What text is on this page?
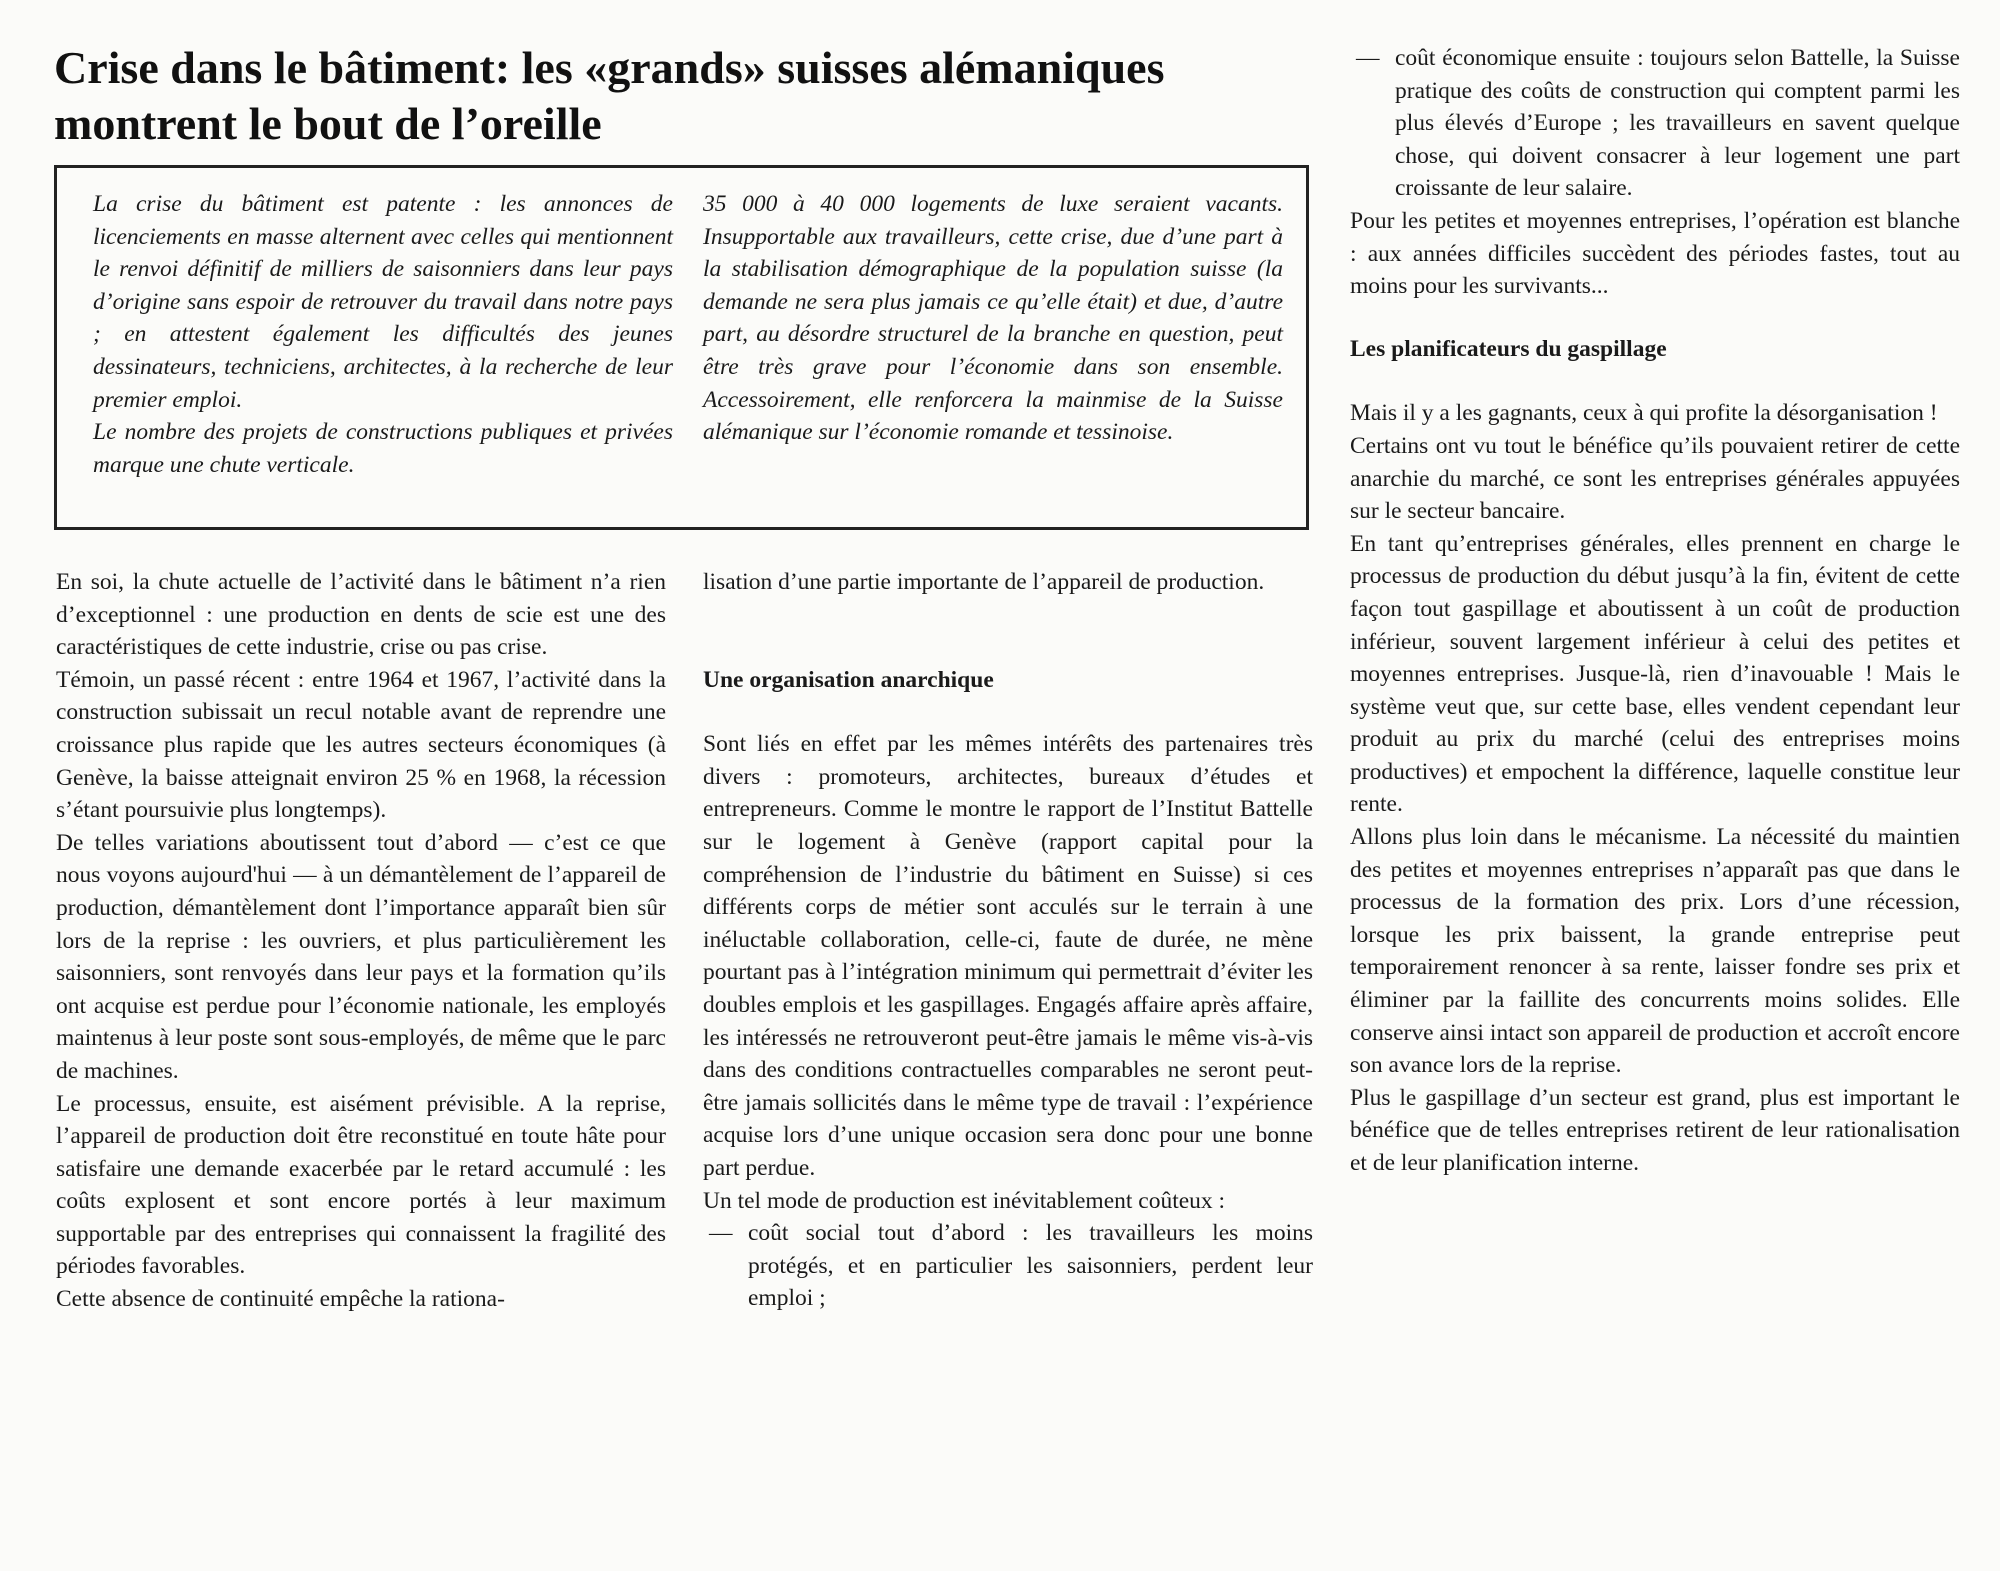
Crise dans le bâtiment: les «grands» suisses alémaniques montrent le bout de l’oreille

La crise du bâtiment est patente : les annonces de licenciements en masse alternent avec celles qui mentionnent le renvoi définitif de milliers de saisonniers dans leur pays d’origine sans espoir de retrouver du travail dans notre pays ; en attestent également les difficultés des jeunes dessinateurs, techniciens, architectes, à la recherche de leur premier emploi.

Le nombre des projets de constructions publiques et privées marque une chute verticale.

35 000 à 40 000 logements de luxe seraient vacants. Insupportable aux travailleurs, cette crise, due d’une part à la stabilisation démographique de la population suisse (la demande ne sera plus jamais ce qu’elle était) et due, d’autre part, au désordre structurel de la branche en question, peut être très grave pour l’économie dans son ensemble. Accessoirement, elle renforcera la mainmise de la Suisse alémanique sur l’économie romande et tessinoise.

En soi, la chute actuelle de l’activité dans le bâtiment n’a rien d’exceptionnel : une production en dents de scie est une des caractéristiques de cette industrie, crise ou pas crise.

Témoin, un passé récent : entre 1964 et 1967, l’activité dans la construction subissait un recul notable avant de reprendre une croissance plus rapide que les autres secteurs économiques (à Genève, la baisse atteignait environ 25 % en 1968, la récession s’étant poursuivie plus longtemps).

De telles variations aboutissent tout d’abord — c’est ce que nous voyons aujourd'hui — à un démantèlement de l’appareil de production, démantèlement dont l’importance apparaît bien sûr lors de la reprise : les ouvriers, et plus particulièrement les saisonniers, sont renvoyés dans leur pays et la formation qu’ils ont acquise est perdue pour l’économie nationale, les employés maintenus à leur poste sont sous-employés, de même que le parc de machines.

Le processus, ensuite, est aisément prévisible. A la reprise, l’appareil de production doit être reconstitué en toute hâte pour satisfaire une demande exacerbée par le retard accumulé : les coûts explosent et sont encore portés à leur maximum supportable par des entreprises qui connaissent la fragilité des périodes favorables.

Cette absence de continuité empêche la rationa-

lisation d’une partie importante de l’appareil de production.

Une organisation anarchique

Sont liés en effet par les mêmes intérêts des partenaires très divers : promoteurs, architectes, bureaux d’études et entrepreneurs. Comme le montre le rapport de l’Institut Battelle sur le logement à Genève (rapport capital pour la compréhension de l’industrie du bâtiment en Suisse) si ces différents corps de métier sont acculés sur le terrain à une inéluctable collaboration, celle-ci, faute de durée, ne mène pourtant pas à l’intégration minimum qui permettrait d’éviter les doubles emplois et les gaspillages. Engagés affaire après affaire, les intéressés ne retrouveront peut-être jamais le même vis-à-vis dans des conditions contractuelles comparables ne seront peut-être jamais sollicités dans le même type de travail : l’expérience acquise lors d’une unique occasion sera donc pour une bonne part perdue.

Un tel mode de production est inévitablement coûteux :

— coût social tout d’abord : les travailleurs les moins protégés, et en particulier les saisonniers, perdent leur emploi ;

— coût économique ensuite : toujours selon Battelle, la Suisse pratique des coûts de construction qui comptent parmi les plus élevés d’Europe ; les travailleurs en savent quelque chose, qui doivent consacrer à leur logement une part croissante de leur salaire.

Pour les petites et moyennes entreprises, l’opération est blanche : aux années difficiles succèdent des périodes fastes, tout au moins pour les survivants...

Les planificateurs du gaspillage

Mais il y a les gagnants, ceux à qui profite la désorganisation !

Certains ont vu tout le bénéfice qu’ils pouvaient retirer de cette anarchie du marché, ce sont les entreprises générales appuyées sur le secteur bancaire.

En tant qu’entreprises générales, elles prennent en charge le processus de production du début jusqu’à la fin, évitent de cette façon tout gaspillage et aboutissent à un coût de production inférieur, souvent largement inférieur à celui des petites et moyennes entreprises. Jusque-là, rien d’inavouable ! Mais le système veut que, sur cette base, elles vendent cependant leur produit au prix du marché (celui des entreprises moins productives) et empochent la différence, laquelle constitue leur rente.

Allons plus loin dans le mécanisme. La nécessité du maintien des petites et moyennes entreprises n’apparaît pas que dans le processus de la formation des prix. Lors d’une récession, lorsque les prix baissent, la grande entreprise peut temporairement renoncer à sa rente, laisser fondre ses prix et éliminer par la faillite des concurrents moins solides. Elle conserve ainsi intact son appareil de production et accroît encore son avance lors de la reprise.

Plus le gaspillage d’un secteur est grand, plus est important le bénéfice que de telles entreprises retirent de leur rationalisation et de leur planification interne.
